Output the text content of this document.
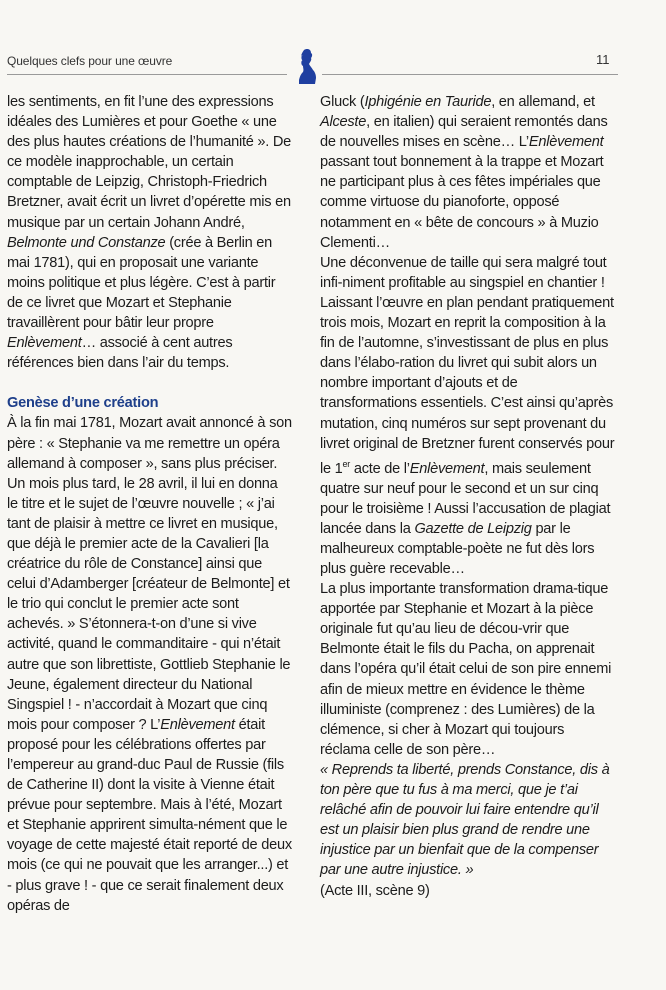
Quelques clefs pour une œuvre	11

les sentiments, en fit l’une des expressions idéales des Lumières et pour Goethe « une des plus hautes créations de l’humanité ». De ce modèle inapprochable, un certain comptable de Leipzig, Christoph-Friedrich Bretzner, avait écrit un livret d’opérette mis en musique par un certain Johann André, Belmonte und Constanze (crée à Berlin en mai 1781), qui en proposait une variante moins politique et plus légère. C’est à partir de ce livret que Mozart et Stephanie travaillèrent pour bâtir leur propre Enlèvement… associé à cent autres références bien dans l’air du temps.

Genèse d’une création

À la fin mai 1781, Mozart avait annoncé à son père : « Stephanie va me remettre un opéra allemand à composer », sans plus préciser. Un mois plus tard, le 28 avril, il lui en donna le titre et le sujet de l’œuvre nouvelle ; « j’ai tant de plaisir à mettre ce livret en musique, que déjà le premier acte de la Cavalieri [la créatrice du rôle de Constance] ainsi que celui d’Adamberger [créateur de Belmonte] et le trio qui conclut le premier acte sont achevés. » S’étonnera-t-on d’une si vive activité, quand le commanditaire - qui n’était autre que son librettiste, Gottlieb Stephanie le Jeune, également directeur du National Singspiel ! - n’accordait à Mozart que cinq mois pour composer ? L’Enlèvement était proposé pour les célébrations offertes par l’empereur au grand-duc Paul de Russie (fils de Catherine II) dont la visite à Vienne était prévue pour septembre. Mais à l’été, Mozart et Stephanie apprirent simulta-nément que le voyage de cette majesté était reporté de deux mois (ce qui ne pouvait que les arranger...) et - plus grave ! - que ce serait finalement deux opéras de

Gluck (Iphigénie en Tauride, en allemand, et Alceste, en italien) qui seraient remontés dans de nouvelles mises en scène… L’Enlèvement passant tout bonnement à la trappe et Mozart ne participant plus à ces fêtes impériales que comme virtuose du pianoforte, opposé notamment en « bête de concours » à Muzio Clementi…

Une déconvenue de taille qui sera malgré tout infi-niment profitable au singspiel en chantier ! Laissant l’œuvre en plan pendant pratiquement trois mois, Mozart en reprit la composition à la fin de l’automne, s’investissant de plus en plus dans l’élabo-ration du livret qui subit alors un nombre important d’ajouts et de transformations essentiels. C’est ainsi qu’après mutation, cinq numéros sur sept provenant du livret original de Bretzner furent conservés pour le 1er acte de l’Enlèvement, mais seulement quatre sur neuf pour le second et un sur cinq pour le troisième ! Aussi l’accusation de plagiat lancée dans la Gazette de Leipzig par le malheureux comptable-poète ne fut dès lors plus guère recevable…

La plus importante transformation drama-tique apportée par Stephanie et Mozart à la pièce originale fut qu’au lieu de décou-vrir que Belmonte était le fils du Pacha, on apprenait dans l’opéra qu’il était celui de son pire ennemi afin de mieux mettre en évidence le thème illuministe (comprenez : des Lumières) de la clémence, si cher à Mozart qui toujours réclama celle de son père…

« Reprends ta liberté, prends Constance, dis à ton père que tu fus à ma merci, que je t’ai relâché afin de pouvoir lui faire entendre qu’il est un plaisir bien plus grand de rendre une injustice par un bienfait que de la compenser par une autre injustice. »

(Acte III, scène 9)
